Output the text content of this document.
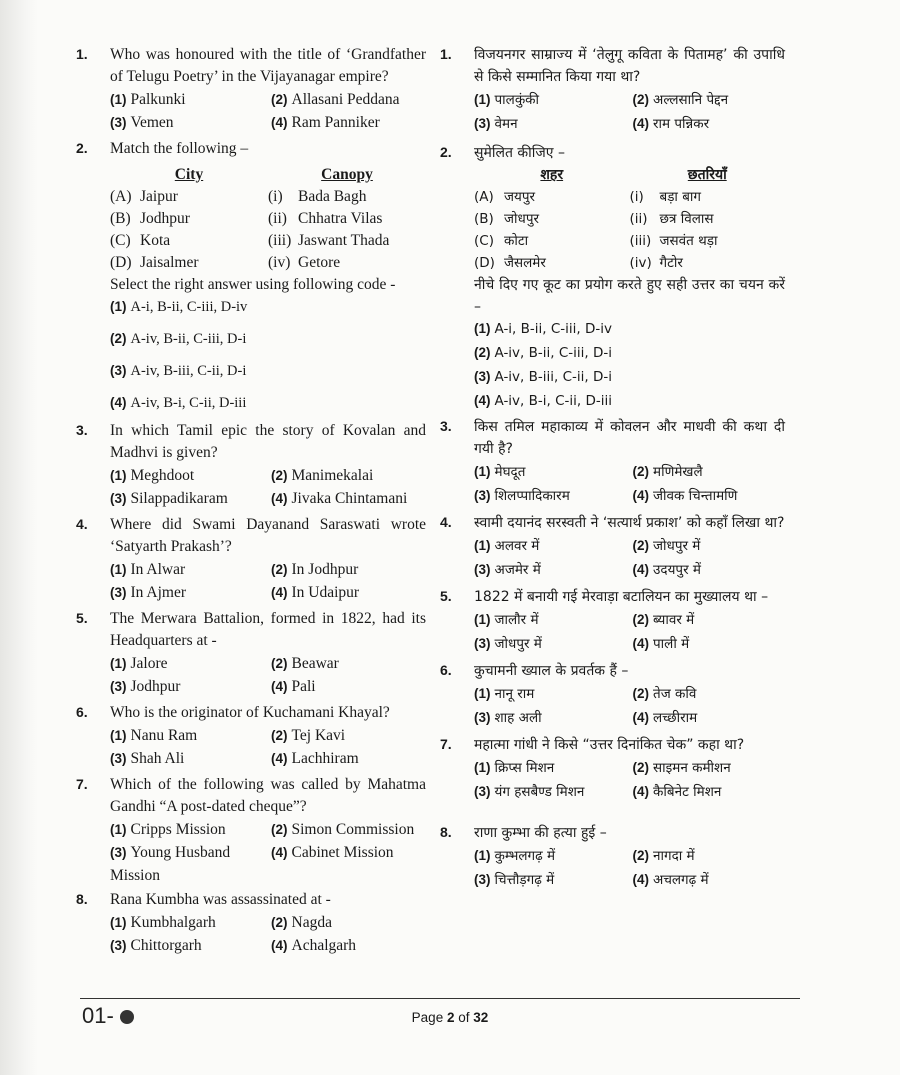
1.	Who was honoured with the title of ‘Grandfather of Telugu Poetry’ in the Vijayanagar empire?
(1) Palkunki	(2) Allasani Peddana
(3) Vemen	(4) Ram Panniker
2.	Match the following –
City	Canopy
(A) Jaipur	(i) Bada Bagh
(B) Jodhpur	(ii) Chhatra Vilas
(C) Kota	(iii) Jaswant Thada
(D) Jaisalmer	(iv) Getore
Select the right answer using following code -
(1) A-i, B-ii, C-iii, D-iv
(2) A-iv, B-ii, C-iii, D-i
(3) A-iv, B-iii, C-ii, D-i
(4) A-iv, B-i, C-ii, D-iii
3.	In which Tamil epic the story of Kovalan and Madhvi is given?
(1) Meghdoot	(2) Manimekalai
(3) Silappadikaram	(4) Jivaka Chintamani
4.	Where did Swami Dayanand Saraswati wrote ‘Satyarth Prakash’?
(1) In Alwar	(2) In Jodhpur
(3) In Ajmer	(4) In Udaipur
5.	The Merwara Battalion, formed in 1822, had its Headquarters at -
(1) Jalore	(2) Beawar
(3) Jodhpur	(4) Pali
6.	Who is the originator of Kuchamani Khayal?
(1) Nanu Ram	(2) Tej Kavi
(3) Shah Ali	(4) Lachhiram
7.	Which of the following was called by Mahatma Gandhi “A post-dated cheque”?
(1) Cripps Mission	(2) Simon Commission
(3) Young Husband Mission
(4) Cabinet Mission
8.	Rana Kumbha was assassinated at -
(1) Kumbhalgarh	(2) Nagda
(3) Chittorgarh	(4) Achalgarh
1.	विजयनगर साम्राज्य में ‘तेलुगू कविता के पितामह’ की उपाधि से किसे सम्मानित किया गया था?
(1) पालकुंकी	(2) अल्लसानि पेद्दन
(3) वेमन	(4) राम पन्निकर
2.	सुमेलित कीजिए –
शहर	छतरियाँ
(A) जयपुर	(i)	बड़ा बाग
(B) जोधपुर	(ii) छत्र विलास
(C) कोटा	(iii) जसवंत थड़ा
(D) जैसलमेर	(iv) गैटोर
नीचे दिए गए कूट का प्रयोग करते हुए सही उत्तर का चयन करें –
(1) A-i, B-ii, C-iii, D-iv
(2) A-iv, B-ii, C-iii, D-i
(3) A-iv, B-iii, C-ii, D-i
(4) A-iv, B-i, C-ii, D-iii
3.	किस तमिल महाकाव्य में कोवलन और माधवी की कथा दी गयी है?
(1) मेघदूत	(2) मणिमेखलै
(3) शिलप्पादिकारम	(4) जीवक चिन्तामणि
4.	स्वामी दयानंद सरस्वती ने ‘सत्यार्थ प्रकाश’ को कहाँ लिखा था?
(1) अलवर में	(2) जोधपुर में
(3) अजमेर में	(4) उदयपुर में
5.	1822 में बनायी गई मेरवाड़ा बटालियन का मुख्यालय था –
(1) जालौर में	(2) ब्यावर में
(3) जोधपुर में	(4) पाली में
6.	कुचामनी ख्याल के प्रवर्तक हैं –
(1) नानू राम	(2) तेज कवि
(3) शाह अली	(4) लच्छीराम
7.	महात्मा गांधी ने किसे “उत्तर दिनांकित चेक” कहा था?
(1) क्रिप्स मिशन	(2) साइमन कमीशन
(3) यंग हसबैण्ड मिशन	(4) कैबिनेट मिशन
8.	राणा कुम्भा की हत्या हुई –
(1) कुम्भलगढ़ में	(2) नागदा में
(3) चित्तौड़गढ़ में	(4) अचलगढ़ में
01-	Page 2 of 32
